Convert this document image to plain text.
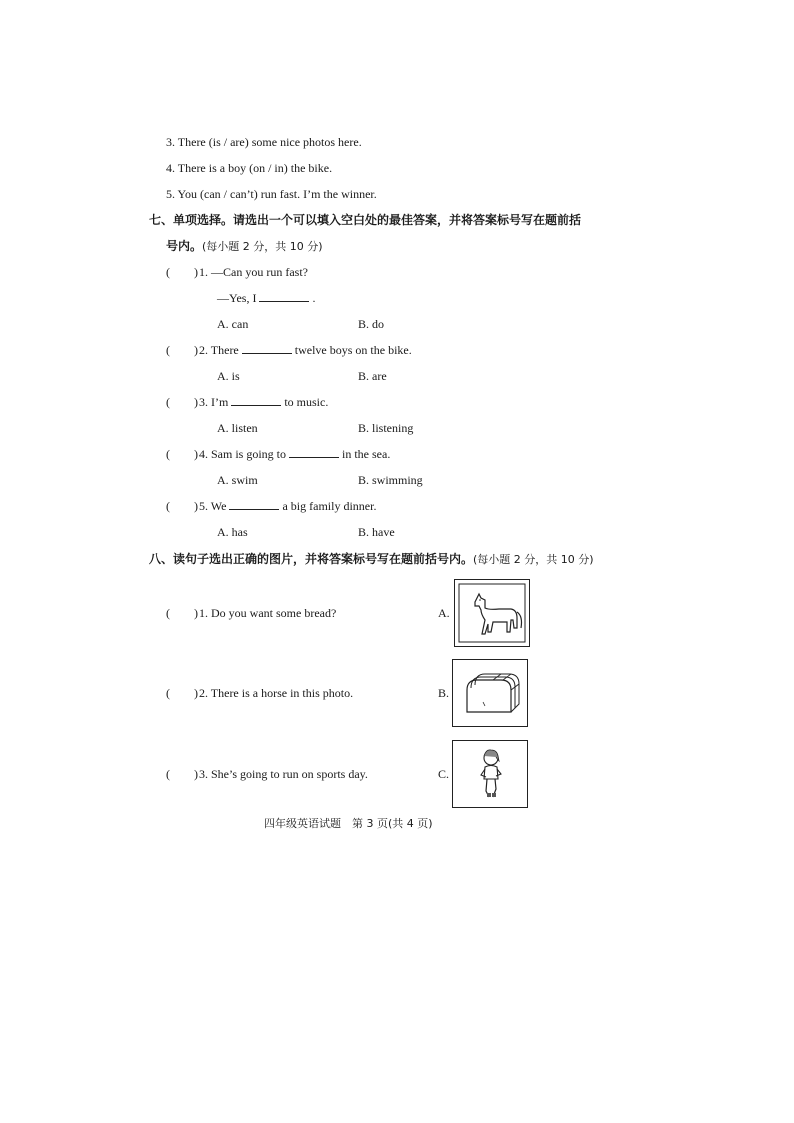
3. There (is / are) some nice photos here.
4. There is a boy (on / in) the bike.
5. You (can / can’t) run fast. I’m the winner.
七、单项选择。请选出一个可以填入空白处的最佳答案，并将答案标号写在题前括
号内。(每小题 2 分，共 10 分)
(　　) 1. —Can you run fast?
—Yes, I	.
A. can	B. do
(　　) 2. There	twelve boys on the bike.
A. is	B. are
(　　) 3. I’m	to music.
A. listen	B. listening
(　　) 4. Sam is going to	in the sea.
A. swim	B. swimming
(　　) 5. We	a big family dinner.
A. has	B. have
八、读句子选出正确的图片，并将答案标号写在题前括号内。(每小题 2 分，共 10 分)
(　　) 1. Do you want some bread?	A.
(　　) 2. There is a horse in this photo.	B.
(　　) 3. She’s going to run on sports day.	C.
四年级英语试题　第 3 页(共 4 页)
